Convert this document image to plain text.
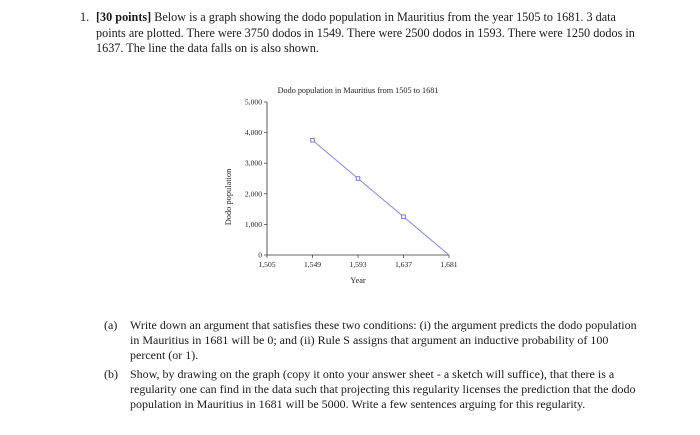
1. [30 points] Below is a graph showing the dodo population in Mauritius from the year 1505 to 1681. 3 data points are plotted. There were 3750 dodos in 1549. There were 2500 dodos in 1593. There were 1250 dodos in 1637. The line the data falls on is also shown.
Dodo population in Mauritius from 1505 to 1681
Dodo population
Year
1,505	1,549	1,593	1,637	1,681
0
1,000
2,000
3,000
4,000
5,000
(a) Write down an argument that satisfies these two conditions: (i) the argument predicts the dodo population in Mauritius in 1681 will be 0; and (ii) Rule S assigns that argument an inductive probability of 100 percent (or 1).
(b) Show, by drawing on the graph (copy it onto your answer sheet - a sketch will suffice), that there is a regularity one can find in the data such that projecting this regularity licenses the prediction that the dodo population in Mauritius in 1681 will be 5000. Write a few sentences arguing for this regularity.
